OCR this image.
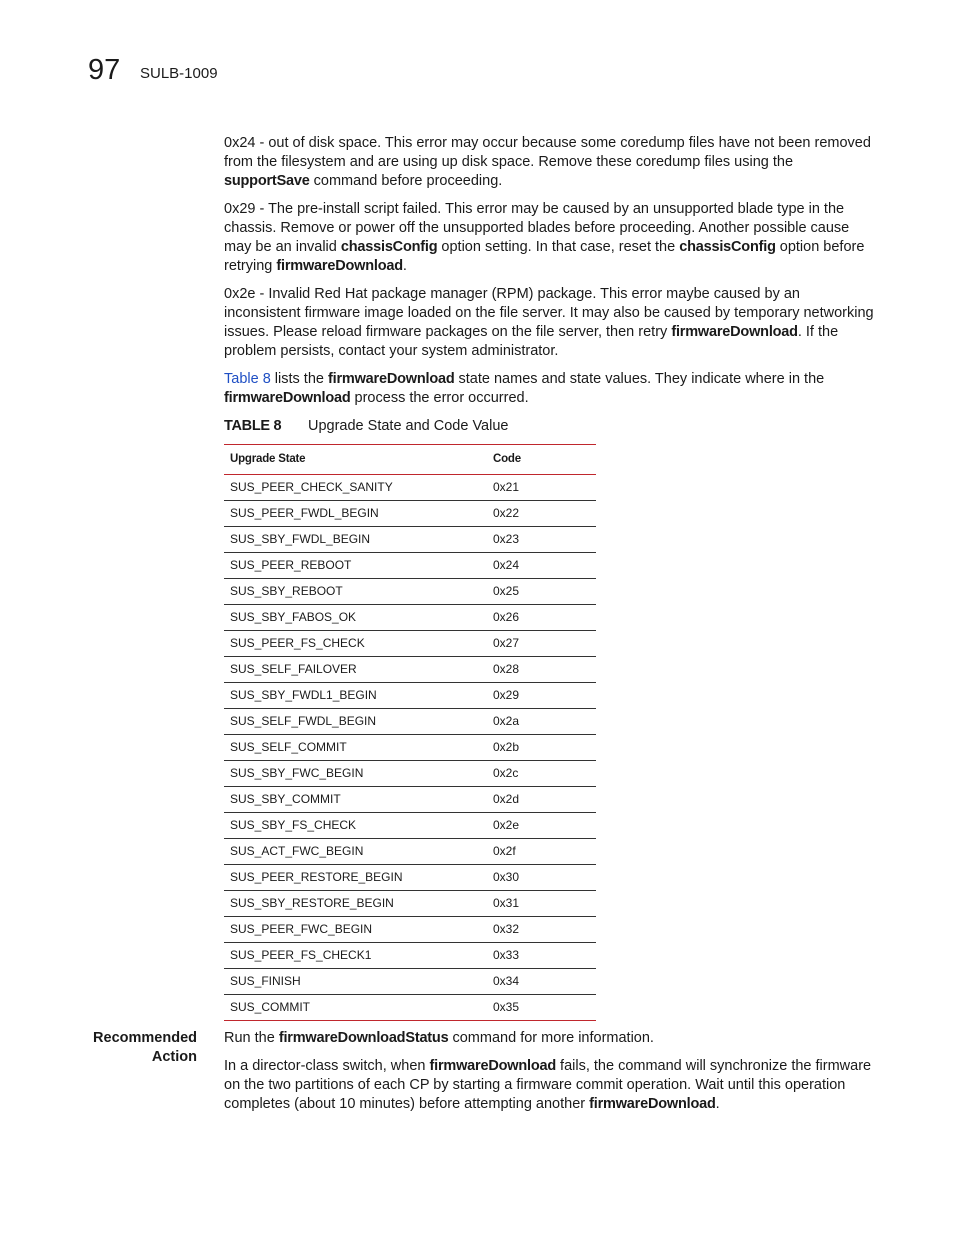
97 SULB-1009

0x24 - out of disk space. This error may occur because some coredump files have not been removed from the filesystem and are using up disk space. Remove these coredump files using the supportSave command before proceeding.

0x29 - The pre-install script failed. This error may be caused by an unsupported blade type in the chassis. Remove or power off the unsupported blades before proceeding. Another possible cause may be an invalid chassisConfig option setting. In that case, reset the chassisConfig option before retrying firmwareDownload.

0x2e - Invalid Red Hat package manager (RPM) package. This error maybe caused by an inconsistent firmware image loaded on the file server. It may also be caused by temporary networking issues. Please reload firmware packages on the file server, then retry firmwareDownload. If the problem persists, contact your system administrator.

Table 8 lists the firmwareDownload state names and state values. They indicate where in the firmwareDownload process the error occurred.

TABLE 8 Upgrade State and Code Value
Upgrade State	Code
SUS_PEER_CHECK_SANITY	0x21
SUS_PEER_FWDL_BEGIN	0x22
SUS_SBY_FWDL_BEGIN	0x23
SUS_PEER_REBOOT	0x24
SUS_SBY_REBOOT	0x25
SUS_SBY_FABOS_OK	0x26
SUS_PEER_FS_CHECK	0x27
SUS_SELF_FAILOVER	0x28
SUS_SBY_FWDL1_BEGIN	0x29
SUS_SELF_FWDL_BEGIN	0x2a
SUS_SELF_COMMIT	0x2b
SUS_SBY_FWC_BEGIN	0x2c
SUS_SBY_COMMIT	0x2d
SUS_SBY_FS_CHECK	0x2e
SUS_ACT_FWC_BEGIN	0x2f
SUS_PEER_RESTORE_BEGIN	0x30
SUS_SBY_RESTORE_BEGIN	0x31
SUS_PEER_FWC_BEGIN	0x32
SUS_PEER_FS_CHECK1	0x33
SUS_FINISH	0x34
SUS_COMMIT	0x35
Recommended
Action

Run the firmwareDownloadStatus command for more information.

In a director-class switch, when firmwareDownload fails, the command will synchronize the firmware on the two partitions of each CP by starting a firmware commit operation. Wait until this operation completes (about 10 minutes) before attempting another firmwareDownload.
